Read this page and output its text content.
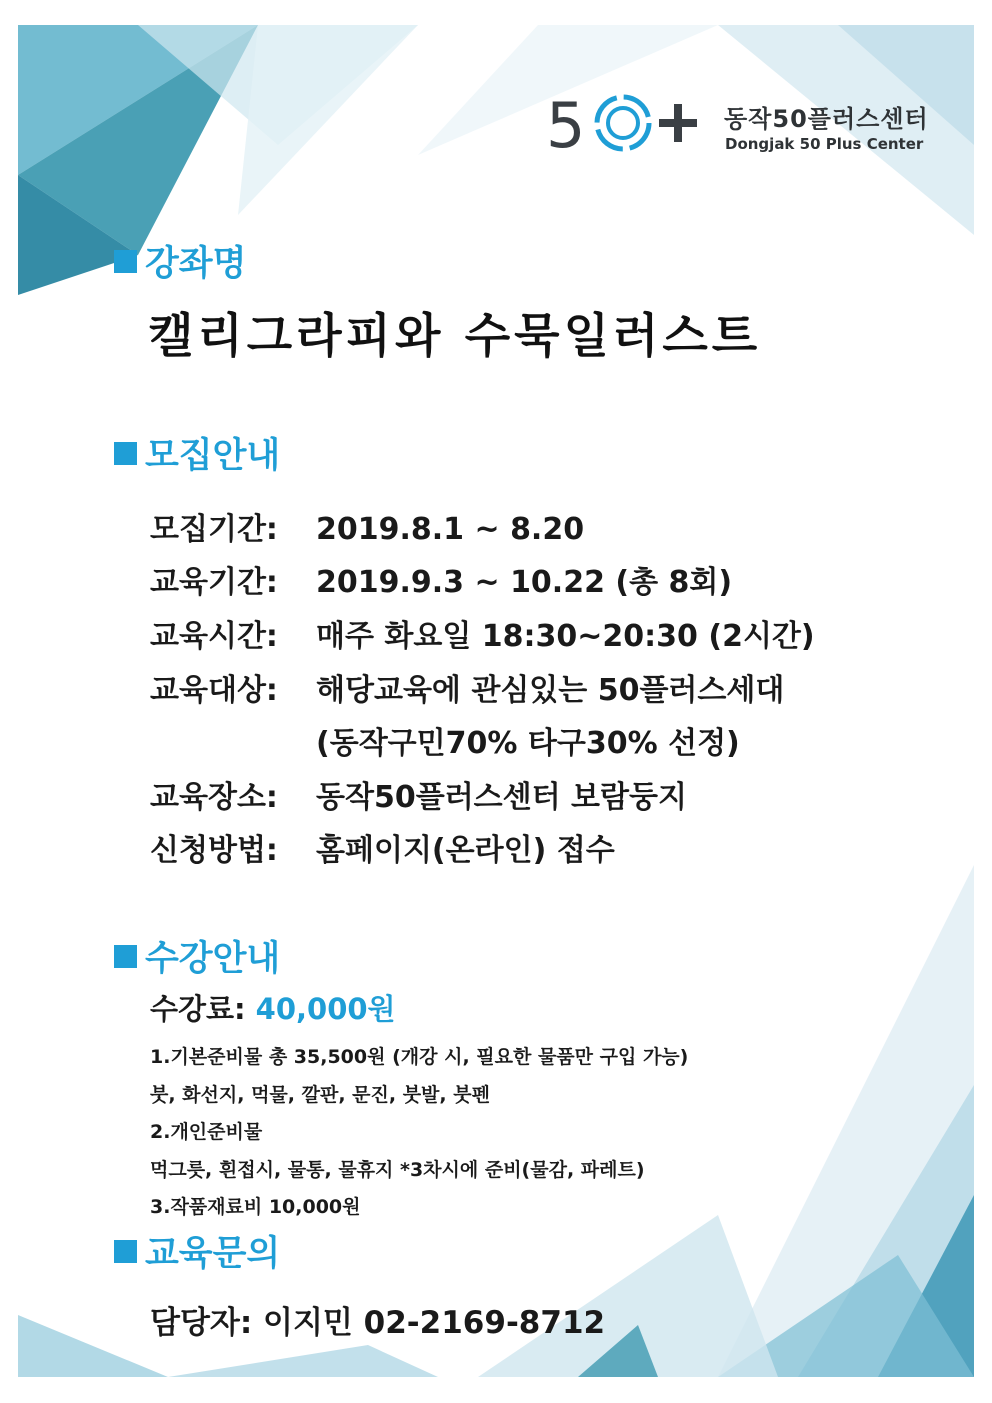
5	동작50플러스센터
Dongjak 50 Plus Center
강좌명
캘리그라피와 수묵일러스트
모집안내
모집기간: 2019.8.1 ~ 8.20
교육기간: 2019.9.3 ~ 10.22 (총 8회)
교육시간: 매주 화요일 18:30~20:30 (2시간)
교육대상: 해당교육에 관심있는 50플러스세대
(동작구민70% 타구30% 선정)
교육장소: 동작50플러스센터 보람둥지
신청방법: 홈페이지(온라인) 접수
수강안내
수강료: 40,000원
1.기본준비물 총 35,500원 (개강 시, 필요한 물품만 구입 가능)
붓, 화선지, 먹물, 깔판, 문진, 붓발, 붓펜
2.개인준비물
먹그릇, 흰접시, 물통, 물휴지 *3차시에 준비(물감, 파레트)
3.작품재료비 10,000원
교육문의
담당자: 이지민 02-2169-8712
